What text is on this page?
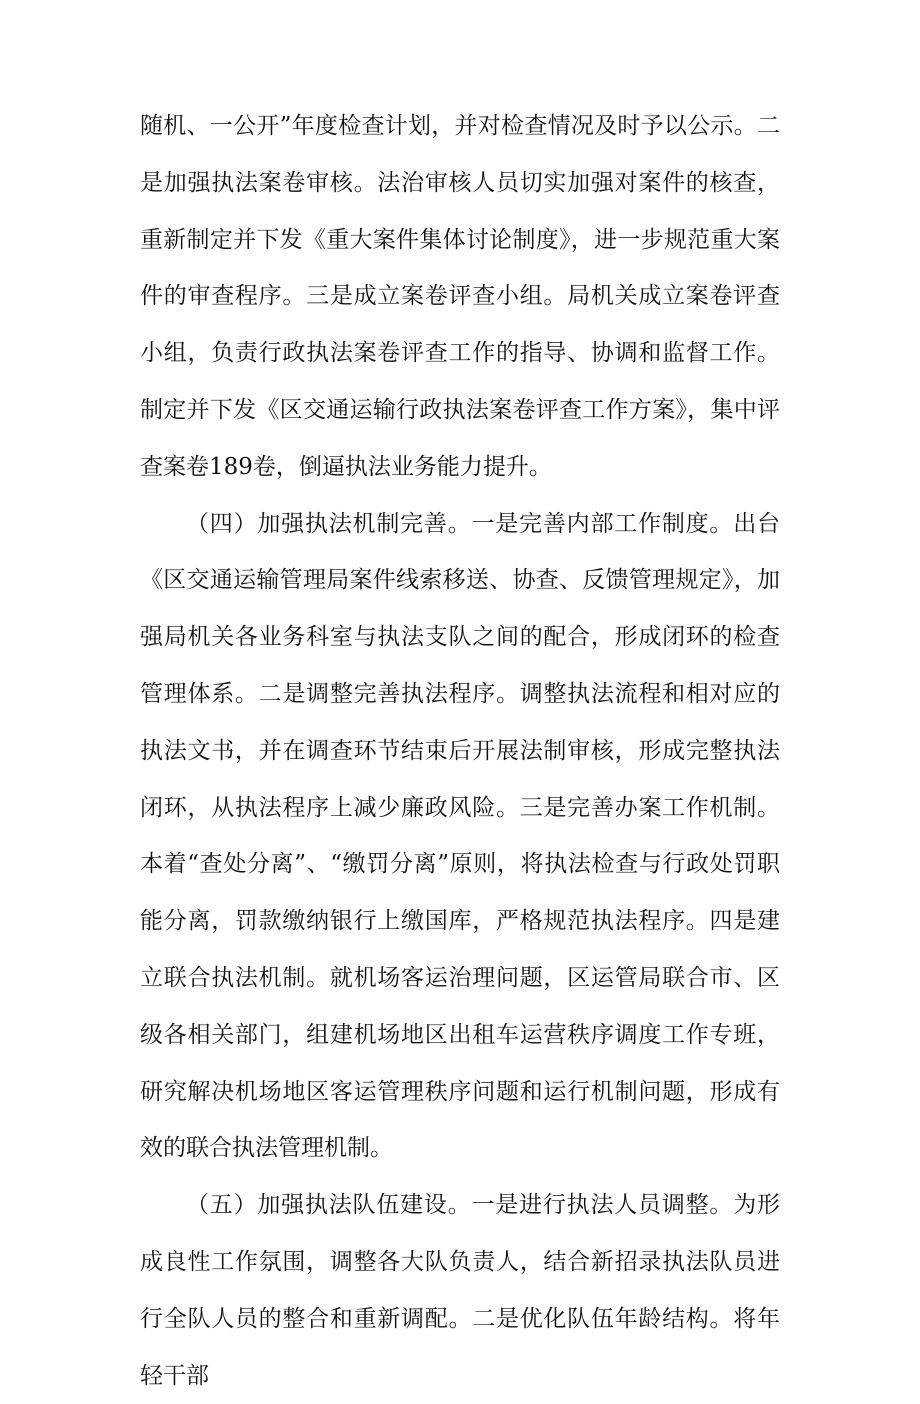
随机、一公开”年度检查计划，并对检查情况及时予以公示。二是加强执法案卷审核。法治审核人员切实加强对案件的核查，重新制定并下发《重大案件集体讨论制度》，进一步规范重大案件的审查程序。三是成立案卷评查小组。局机关成立案卷评查小组，负责行政执法案卷评查工作的指导、协调和监督工作。制定并下发《区交通运输行政执法案卷评查工作方案》，集中评查案卷189卷，倒逼执法业务能力提升。

（四）加强执法机制完善。一是完善内部工作制度。出台《区交通运输管理局案件线索移送、协查、反馈管理规定》，加强局机关各业务科室与执法支队之间的配合，形成闭环的检查管理体系。二是调整完善执法程序。调整执法流程和相对应的执法文书，并在调查环节结束后开展法制审核，形成完整执法闭环，从执法程序上减少廉政风险。三是完善办案工作机制。本着“查处分离”、“缴罚分离”原则，将执法检查与行政处罚职能分离，罚款缴纳银行上缴国库，严格规范执法程序。四是建立联合执法机制。就机场客运治理问题，区运管局联合市、区级各相关部门，组建机场地区出租车运营秩序调度工作专班，研究解决机场地区客运管理秩序问题和运行机制问题，形成有效的联合执法管理机制。

（五）加强执法队伍建设。一是进行执法人员调整。为形成良性工作氛围，调整各大队负责人，结合新招录执法队员进行全队人员的整合和重新调配。二是优化队伍年龄结构。将年轻干部
